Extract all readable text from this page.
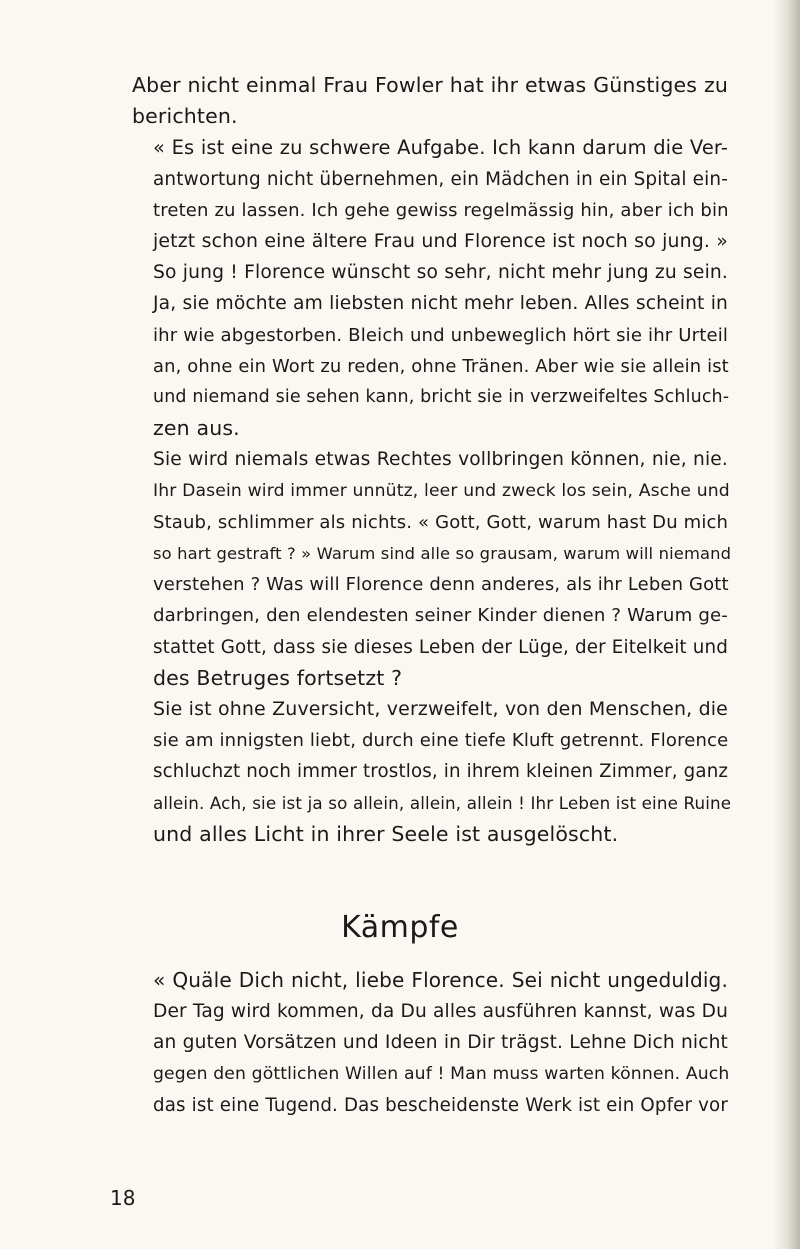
Aber nicht einmal Frau Fowler hat ihr etwas Günstiges zu
berichten.

« Es ist eine zu schwere Aufgabe. Ich kann darum die Ver-
antwortung nicht übernehmen, ein Mädchen in ein Spital ein-
treten zu lassen. Ich gehe gewiss regelmässig hin, aber ich bin
jetzt schon eine ältere Frau und Florence ist noch so jung. »

So jung ! Florence wünscht so sehr, nicht mehr jung zu sein.
Ja, sie möchte am liebsten nicht mehr leben. Alles scheint in
ihr wie abgestorben. Bleich und unbeweglich hört sie ihr Urteil
an, ohne ein Wort zu reden, ohne Tränen. Aber wie sie allein ist
und niemand sie sehen kann, bricht sie in verzweifeltes Schluch-
zen aus.

Sie wird niemals etwas Rechtes vollbringen können, nie, nie.
Ihr Dasein wird immer unnütz, leer und zweck los sein, Asche und
Staub, schlimmer als nichts. « Gott, Gott, warum hast Du mich
so hart gestraft ? » Warum sind alle so grausam, warum will niemand
verstehen ? Was will Florence denn anderes, als ihr Leben Gott
darbringen, den elendesten seiner Kinder dienen ? Warum ge-
stattet Gott, dass sie dieses Leben der Lüge, der Eitelkeit und
des Betruges fortsetzt ?

Sie ist ohne Zuversicht, verzweifelt, von den Menschen, die
sie am innigsten liebt, durch eine tiefe Kluft getrennt. Florence
schluchzt noch immer trostlos, in ihrem kleinen Zimmer, ganz
allein. Ach, sie ist ja so allein, allein, allein ! Ihr Leben ist eine Ruine
und alles Licht in ihrer Seele ist ausgelöscht.

Kämpfe

« Quäle Dich nicht, liebe Florence. Sei nicht ungeduldig.
Der Tag wird kommen, da Du alles ausführen kannst, was Du
an guten Vorsätzen und Ideen in Dir trägst. Lehne Dich nicht
gegen den göttlichen Willen auf ! Man muss warten können. Auch
das ist eine Tugend. Das bescheidenste Werk ist ein Opfer vor

18
